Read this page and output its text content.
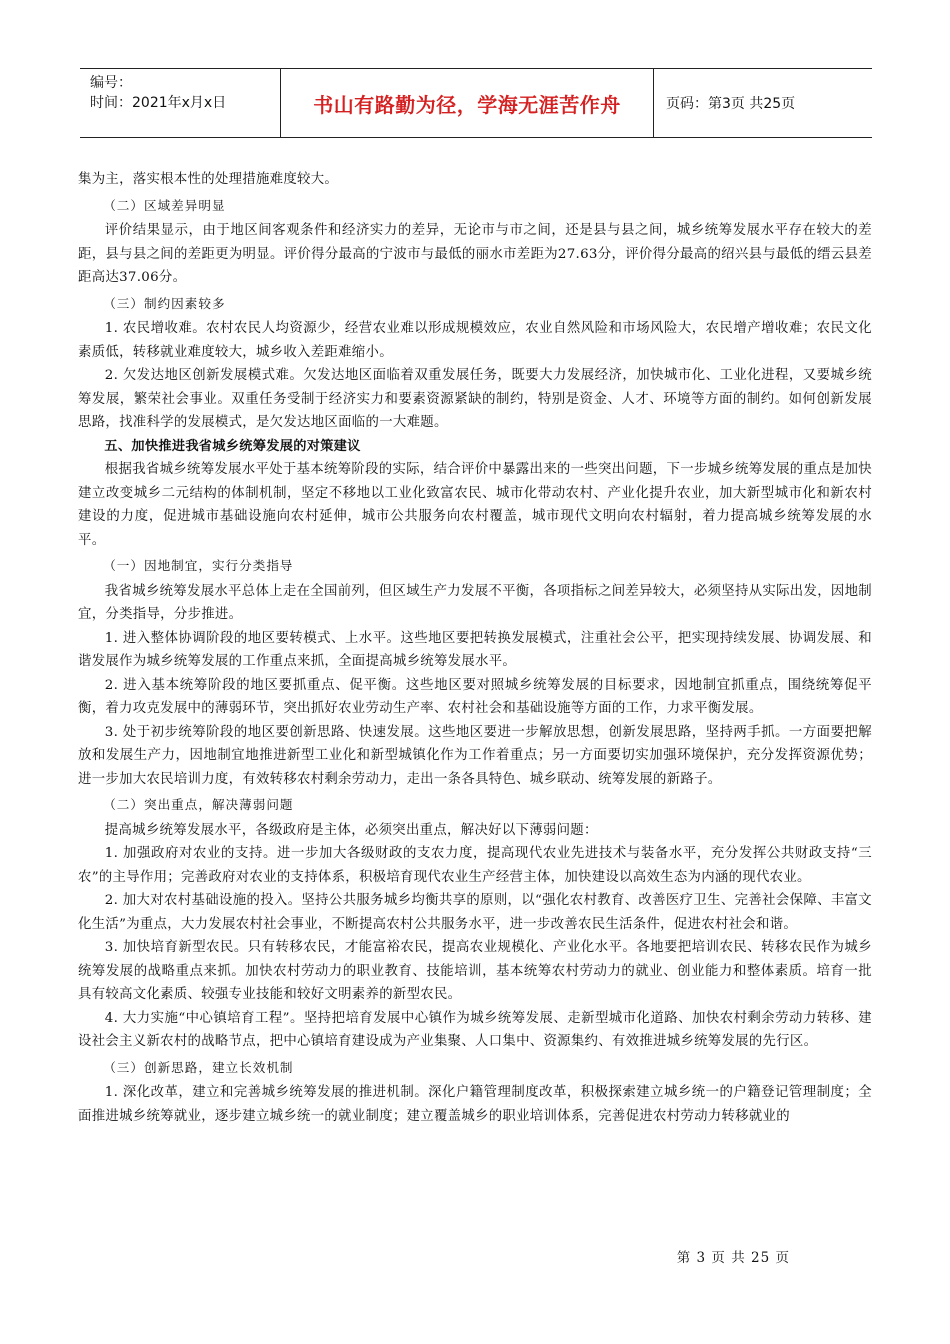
编号：
时间：2021年x月x日	书山有路勤为径，学海无涯苦作舟	页码：第3页 共25页

集为主，落实根本性的处理措施难度较大。

（二）区域差异明显

评价结果显示，由于地区间客观条件和经济实力的差异，无论市与市之间，还是县与县之间，城乡统筹发展水平存在较大的差距，县与县之间的差距更为明显。评价得分最高的宁波市与最低的丽水市差距为27.63分，评价得分最高的绍兴县与最低的缙云县差距高达37.06分。

（三）制约因素较多

1. 农民增收难。农村农民人均资源少，经营农业难以形成规模效应，农业自然风险和市场风险大，农民增产增收难；农民文化素质低，转移就业难度较大，城乡收入差距难缩小。

2. 欠发达地区创新发展模式难。欠发达地区面临着双重发展任务，既要大力发展经济，加快城市化、工业化进程，又要城乡统筹发展，繁荣社会事业。双重任务受制于经济实力和要素资源紧缺的制约，特别是资金、人才、环境等方面的制约。如何创新发展思路，找准科学的发展模式，是欠发达地区面临的一大难题。

五、加快推进我省城乡统筹发展的对策建议

根据我省城乡统筹发展水平处于基本统筹阶段的实际，结合评价中暴露出来的一些突出问题，下一步城乡统筹发展的重点是加快建立改变城乡二元结构的体制机制，坚定不移地以工业化致富农民、城市化带动农村、产业化提升农业，加大新型城市化和新农村建设的力度，促进城市基础设施向农村延伸，城市公共服务向农村覆盖，城市现代文明向农村辐射，着力提高城乡统筹发展的水平。

（一）因地制宜，实行分类指导

我省城乡统筹发展水平总体上走在全国前列，但区域生产力发展不平衡，各项指标之间差异较大，必须坚持从实际出发，因地制宜，分类指导，分步推进。

1. 进入整体协调阶段的地区要转模式、上水平。这些地区要把转换发展模式，注重社会公平，把实现持续发展、协调发展、和谐发展作为城乡统筹发展的工作重点来抓，全面提高城乡统筹发展水平。

2. 进入基本统筹阶段的地区要抓重点、促平衡。这些地区要对照城乡统筹发展的目标要求，因地制宜抓重点，围绕统筹促平衡，着力攻克发展中的薄弱环节，突出抓好农业劳动生产率、农村社会和基础设施等方面的工作，力求平衡发展。

3. 处于初步统筹阶段的地区要创新思路、快速发展。这些地区要进一步解放思想，创新发展思路，坚持两手抓。一方面要把解放和发展生产力，因地制宜地推进新型工业化和新型城镇化作为工作着重点；另一方面要切实加强环境保护，充分发挥资源优势；进一步加大农民培训力度，有效转移农村剩余劳动力，走出一条各具特色、城乡联动、统筹发展的新路子。

（二）突出重点，解决薄弱问题

提高城乡统筹发展水平，各级政府是主体，必须突出重点，解决好以下薄弱问题：

1. 加强政府对农业的支持。进一步加大各级财政的支农力度，提高现代农业先进技术与装备水平，充分发挥公共财政支持“三农”的主导作用；完善政府对农业的支持体系，积极培育现代农业生产经营主体，加快建设以高效生态为内涵的现代农业。

2. 加大对农村基础设施的投入。坚持公共服务城乡均衡共享的原则，以“强化农村教育、改善医疗卫生、完善社会保障、丰富文化生活”为重点，大力发展农村社会事业，不断提高农村公共服务水平，进一步改善农民生活条件，促进农村社会和谐。

3. 加快培育新型农民。只有转移农民，才能富裕农民，提高农业规模化、产业化水平。各地要把培训农民、转移农民作为城乡统筹发展的战略重点来抓。加快农村劳动力的职业教育、技能培训，基本统筹农村劳动力的就业、创业能力和整体素质。培育一批具有较高文化素质、较强专业技能和较好文明素养的新型农民。

4. 大力实施“中心镇培育工程”。坚持把培育发展中心镇作为城乡统筹发展、走新型城市化道路、加快农村剩余劳动力转移、建设社会主义新农村的战略节点，把中心镇培育建设成为产业集聚、人口集中、资源集约、有效推进城乡统筹发展的先行区。

（三）创新思路，建立长效机制

1. 深化改革，建立和完善城乡统筹发展的推进机制。深化户籍管理制度改革，积极探索建立城乡统一的户籍登记管理制度；全面推进城乡统筹就业，逐步建立城乡统一的就业制度；建立覆盖城乡的职业培训体系，完善促进农村劳动力转移就业的

第 3 页 共 25 页
